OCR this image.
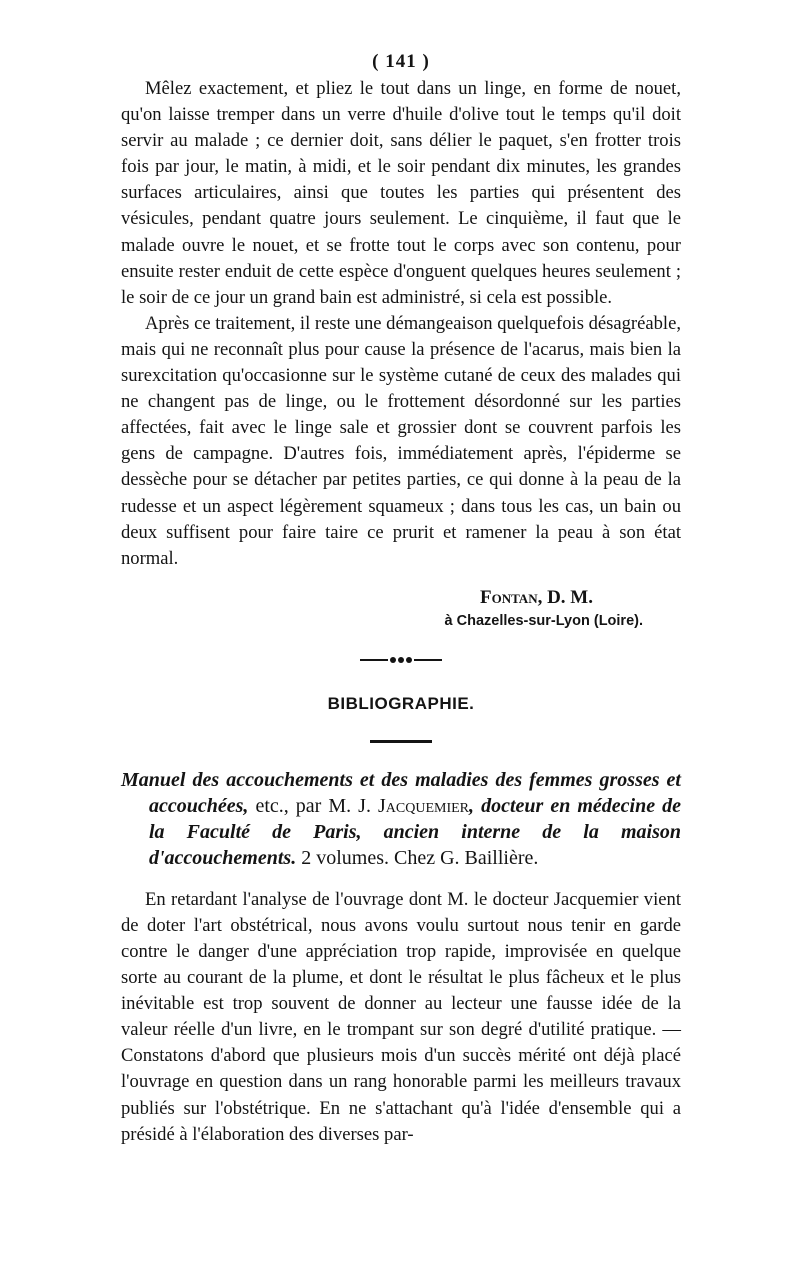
( 141 )

Mêlez exactement, et pliez le tout dans un linge, en forme de nouet, qu'on laisse tremper dans un verre d'huile d'olive tout le temps qu'il doit servir au malade ; ce dernier doit, sans délier le paquet, s'en frotter trois fois par jour, le matin, à midi, et le soir pendant dix minutes, les grandes surfaces articulaires, ainsi que toutes les parties qui présentent des vésicules, pendant quatre jours seulement. Le cinquième, il faut que le malade ouvre le nouet, et se frotte tout le corps avec son contenu, pour ensuite rester enduit de cette espèce d'onguent quelques heures seulement ; le soir de ce jour un grand bain est administré, si cela est possible.

Après ce traitement, il reste une démangeaison quelquefois désagréable, mais qui ne reconnaît plus pour cause la présence de l'acarus, mais bien la surexcitation qu'occasionne sur le système cutané de ceux des malades qui ne changent pas de linge, ou le frottement désordonné sur les parties affectées, fait avec le linge sale et grossier dont se couvrent parfois les gens de campagne. D'autres fois, immédiatement après, l'épiderme se dessèche pour se détacher par petites parties, ce qui donne à la peau de la rudesse et un aspect légèrement squameux ; dans tous les cas, un bain ou deux suffisent pour faire taire ce prurit et ramener la peau à son état normal.

Fontan, D. M.
à Chazelles-sur-Lyon (Loire).
BIBLIOGRAPHIE.
Manuel des accouchements et des maladies des femmes grosses et accouchées, etc., par M. J. Jacquemier, docteur en médecine de la Faculté de Paris, ancien interne de la maison d'accouchements. 2 volumes. Chez G. Baillière.

En retardant l'analyse de l'ouvrage dont M. le docteur Jacquemier vient de doter l'art obstétrical, nous avons voulu surtout nous tenir en garde contre le danger d'une appréciation trop rapide, improvisée en quelque sorte au courant de la plume, et dont le résultat le plus fâcheux et le plus inévitable est trop souvent de donner au lecteur une fausse idée de la valeur réelle d'un livre, en le trompant sur son degré d'utilité pratique. — Constatons d'abord que plusieurs mois d'un succès mérité ont déjà placé l'ouvrage en question dans un rang honorable parmi les meilleurs travaux publiés sur l'obstétrique. En ne s'attachant qu'à l'idée d'ensemble qui a présidé à l'élaboration des diverses par-
